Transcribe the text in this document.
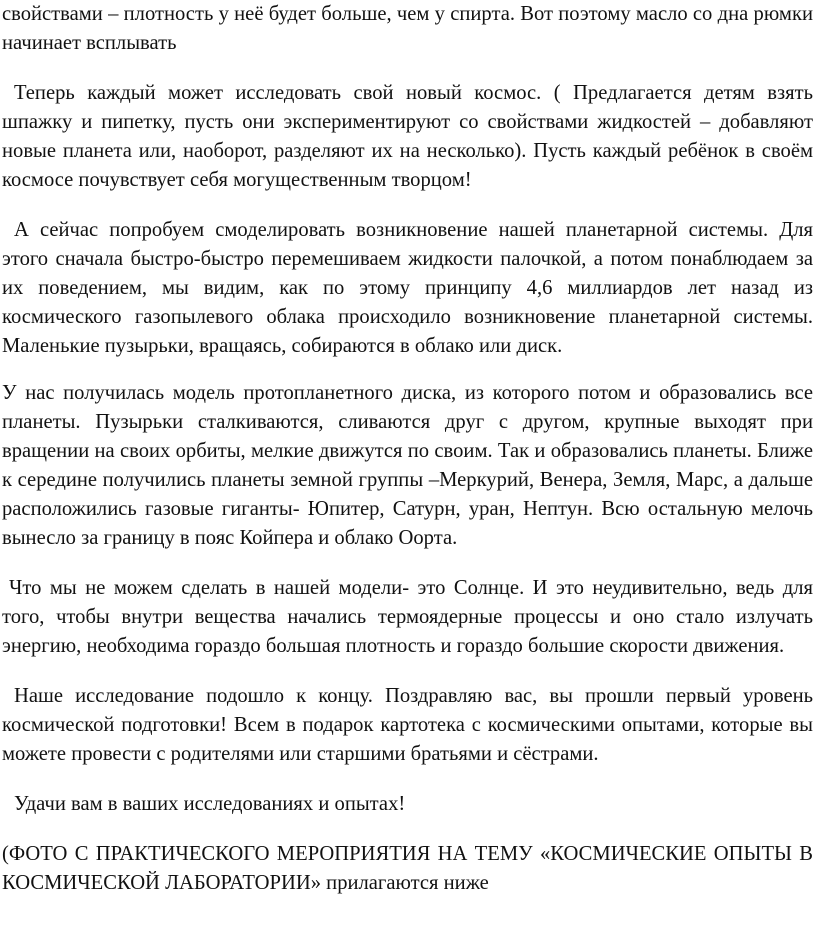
свойствами – плотность у неё будет больше, чем у спирта. Вот поэтому масло со дна рюмки начинает всплывать

Теперь каждый может исследовать свой новый космос. ( Предлагается детям взять шпажку и пипетку, пусть они экспериментируют со свойствами жидкостей – добавляют новые планета или, наоборот, разделяют их на несколько). Пусть каждый ребёнок в своём космосе почувствует себя могущественным творцом!

А сейчас попробуем смоделировать возникновение нашей планетарной системы. Для этого сначала быстро-быстро перемешиваем жидкости палочкой, а потом понаблюдаем за их поведением, мы видим, как по этому принципу 4,6 миллиардов лет назад из космического газопылевого облака происходило возникновение планетарной системы. Маленькие пузырьки, вращаясь, собираются в облако или диск.

У нас получилась модель протопланетного диска, из которого потом и образовались все планеты. Пузырьки сталкиваются, сливаются друг с другом, крупные выходят при вращении на своих орбиты, мелкие движутся по своим. Так и образовались планеты. Ближе к середине получились планеты земной группы –Меркурий, Венера, Земля, Марс, а дальше расположились газовые гиганты- Юпитер, Сатурн, уран, Нептун. Всю остальную мелочь вынесло за границу в пояс Койпера и облако Оорта.

Что мы не можем сделать в нашей модели- это Солнце. И это неудивительно, ведь для того, чтобы внутри вещества начались термоядерные процессы и оно стало излучать энергию, необходима гораздо большая плотность и гораздо большие скорости движения.

Наше исследование подошло к концу. Поздравляю вас, вы прошли первый уровень космической подготовки! Всем в подарок картотека с космическими опытами, которые вы можете провести с родителями или старшими братьями и сёстрами.

Удачи вам в ваших исследованиях и опытах!

(ФОТО С ПРАКТИЧЕСКОГО МЕРОПРИЯТИЯ НА ТЕМУ «КОСМИЧЕСКИЕ ОПЫТЫ В КОСМИЧЕСКОЙ ЛАБОРАТОРИИ» прилагаются ниже
